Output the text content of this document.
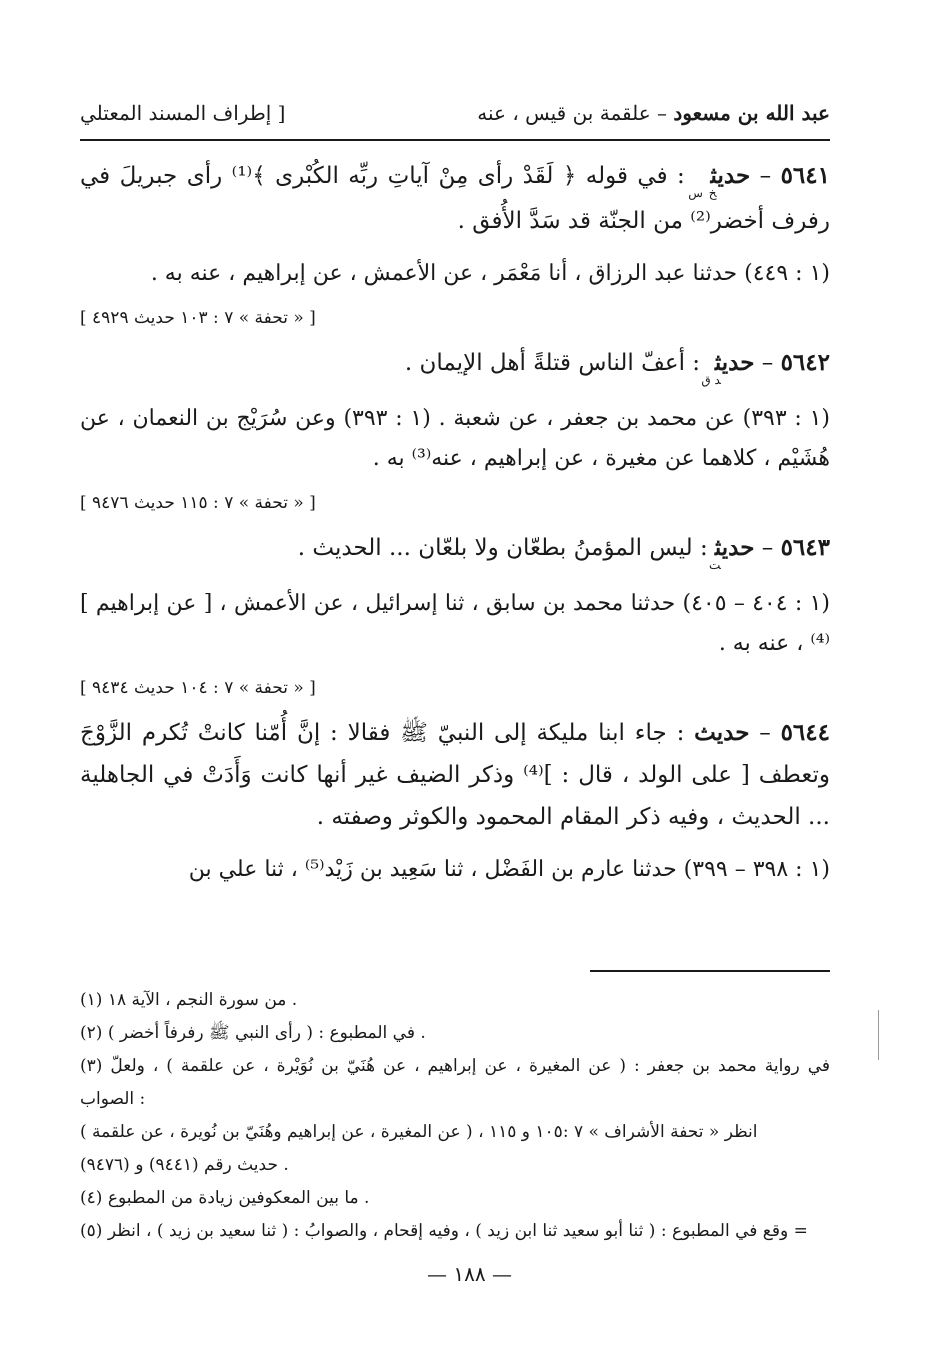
عبد الله بن مسعود – علقمة بن قيس ، عنه
[ إطراف المسند المعتلي
٥٦٤١ – حديث$_{خ س}$ : في قوله ﴿ لَقَدْ رأى مِنْ آياتِ ربِّه الكُبْرى ﴾⁽¹⁾ رأى جبريلَ في رفرف أخضر⁽²⁾ من الجنّة قد سَدَّ الأُفق .
(١ : ٤٤٩) حدثنا عبد الرزاق ، أنا مَعْمَر ، عن الأعمش ، عن إبراهيم ، عنه به .
[ « تحفة » ٧ : ١٠٣ حديث ٤٩٢٩ ]
٥٦٤٢ – حديث$_{د ق}$ : أعفّ الناس قتلةً أهل الإيمان .
(١ : ٣٩٣) عن محمد بن جعفر ، عن شعبة . (١ : ٣٩٣) وعن سُرَيْج بن النعمان ، عن هُشَيْم ، كلاهما عن مغيرة ، عن إبراهيم ، عنه⁽³⁾ به .
[ « تحفة » ٧ : ١١٥ حديث ٩٤٧٦ ]
٥٦٤٣ – حديث$_ت$ : ليس المؤمنُ بطعّان ولا بلعّان ... الحديث .
(١ : ٤٠٤ – ٤٠٥) حدثنا محمد بن سابق ، ثنا إسرائيل ، عن الأعمش ، [ عن إبراهيم ]⁽⁴⁾ ، عنه به .
[ « تحفة » ٧ : ١٠٤ حديث ٩٤٣٤ ]
٥٦٤٤ – حديث : جاء ابنا مليكة إلى النبيّ ﷺ فقالا : إنَّ أُمّنا كانتْ تُكرم الزَّوْجَ وتعطف [ على الولد ، قال : ]⁽⁴⁾ وذكر الضيف غير أنها كانت وَأَدَتْ في الجاهلية ... الحديث ، وفيه ذكر المقام المحمود والكوثر وصفته .
(١ : ٣٩٨ – ٣٩٩) حدثنا عارم بن الفَضْل ، ثنا سَعِيد بن زَيْد⁽⁵⁾ ، ثنا علي بن
(١) من سورة النجم ، الآية ١٨ .
(٢) في المطبوع : ( رأى النبي ﷺ رفرفاً أخضر ) .
(٣) في رواية محمد بن جعفر : ( عن المغيرة ، عن إبراهيم ، عن هُنَيّ بن نُوَيْرة ، عن علقمة ) ، ولعلّ الصواب :
( عن المغيرة ، عن إبراهيم وهُنَيّ بن نُويرة ، عن علقمة ) ، انظر « تحفة الأشراف » ٧ :١٠٥ و ١١٥
حديث رقم (٩٤٤١) و (٩٤٧٦) .
(٤) ما بين المعكوفين زيادة من المطبوع .
(٥) وقع في المطبوع : ( ثنا أبو سعيد ثنا ابن زيد ) ، وفيه إقحام ، والصوابُ : ( ثنا سعيد بن زيد ) ، انظر =
— ١٨٨ —
